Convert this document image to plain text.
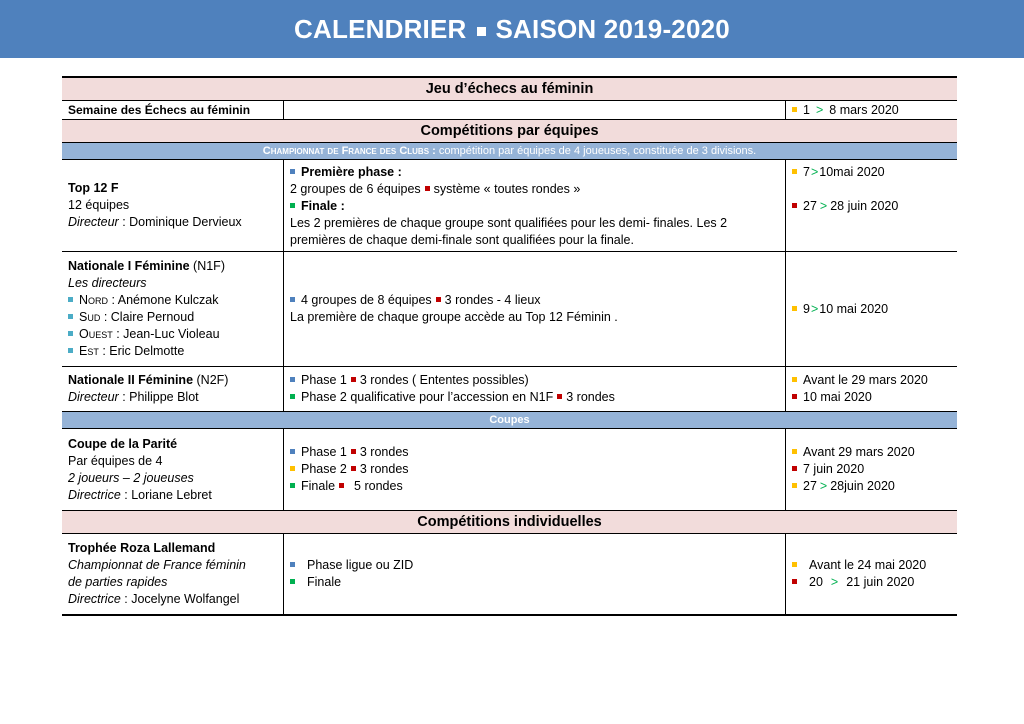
CALENDRIER SAISON 2019-2020
Jeu d’échecs au féminin
Semaine des Échecs au féminin	1 > 8 mars 2020
Compétitions par équipes
Championnat de France des Clubs : compétition par équipes de 4 joueuses, constituée de 3 divisions.
Top 12 F
12 équipes
Directeur : Dominique Dervieux
Première phase :
2 groupes de 6 équipes système « toutes rondes »
Finale :
Les 2 premières de chaque groupe sont qualifiées pour les demi- finales. Les 2 premières de chaque demi-finale sont qualifiées pour la finale.
7>10mai 2020

27 > 28 juin 2020
Nationale I Féminine (N1F)
Les directeurs
Nord : Anémone Kulczak
Sud : Claire Pernoud
Ouest : Jean-Luc Violeau
Est : Eric Delmotte
4 groupes de 8 équipes 3 rondes - 4 lieux
La première de chaque groupe accède au Top 12 Féminin .
9>10 mai 2020
Nationale II Féminine (N2F)
Directeur : Philippe Blot
Phase 1 3 rondes ( Ententes possibles)
Phase 2 qualificative pour l’accession en N1F 3 rondes
Avant le 29 mars 2020
10 mai 2020
Coupes
Coupe de la Parité
Par équipes de 4
2 joueurs – 2 joueuses
Directrice : Loriane Lebret
Phase 1 3 rondes
Phase 2 3 rondes
Finale 5 rondes
Avant 29 mars 2020
7 juin 2020
27 > 28juin 2020
Compétitions individuelles
Trophée Roza Lallemand
Championnat de France féminin
de parties rapides
Directrice : Jocelyne Wolfangel
Phase ligue ou ZID
Finale
Avant le 24 mai 2020
20 > 21 juin 2020
